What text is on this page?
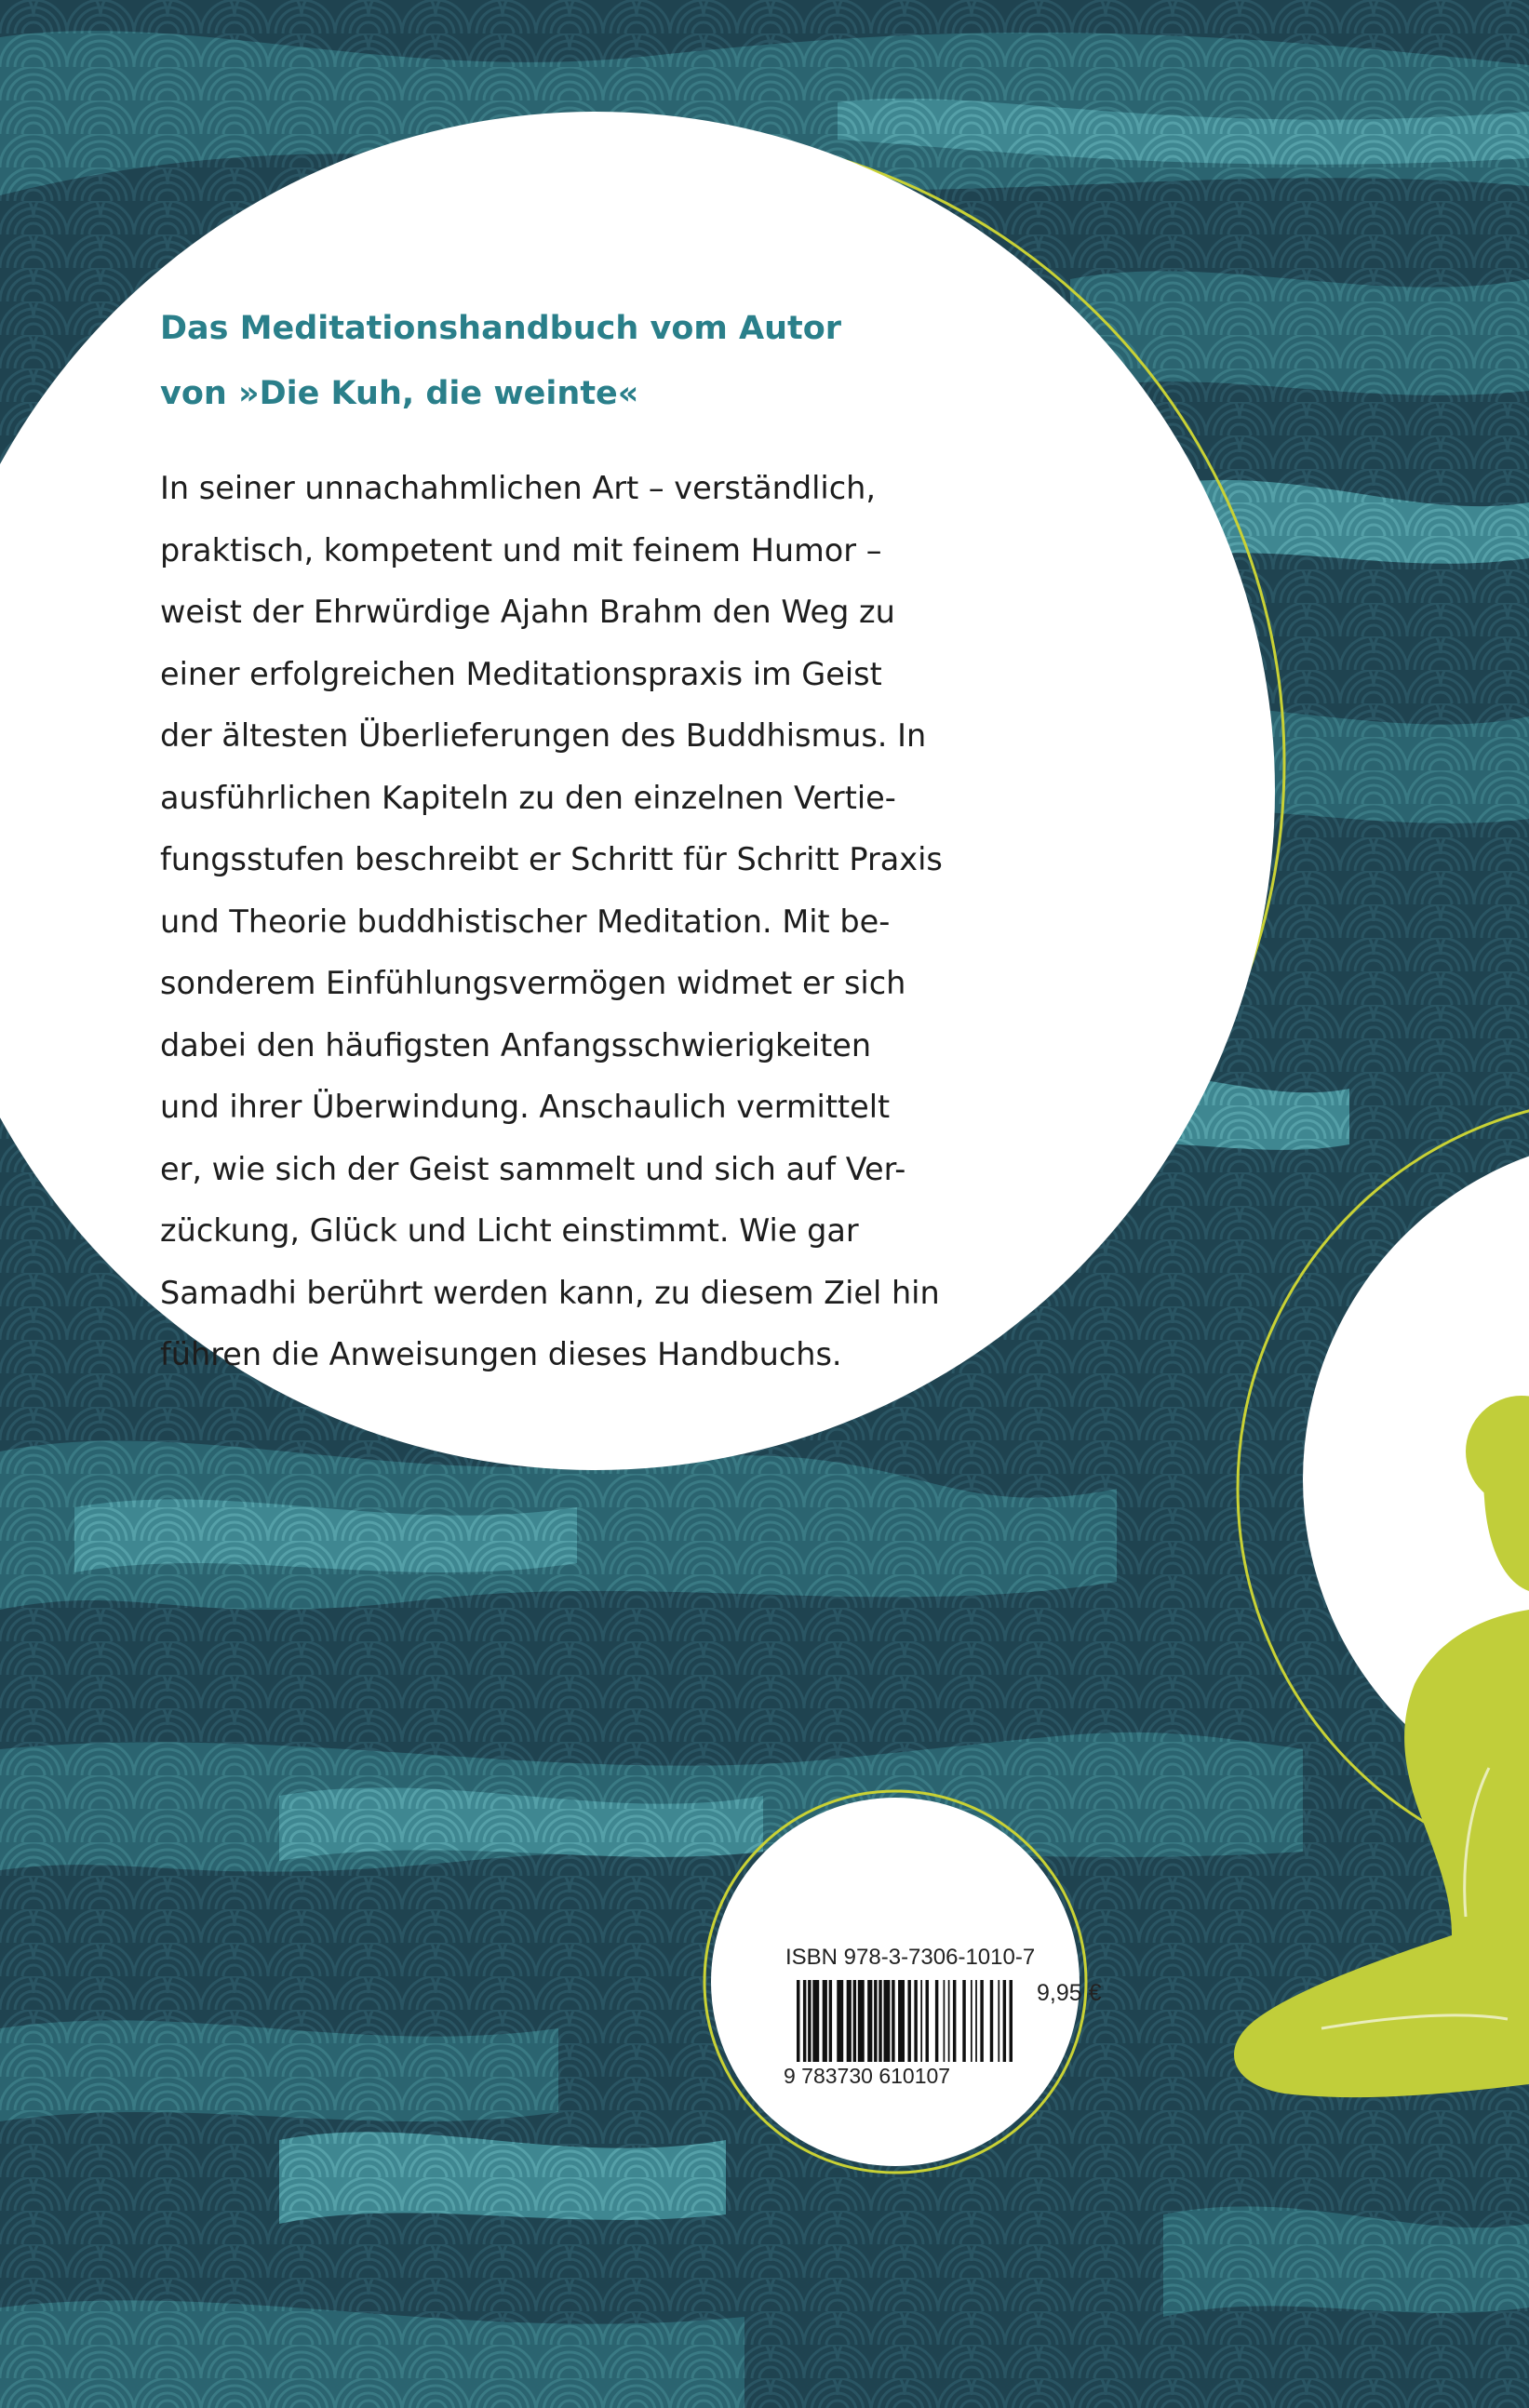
Das Meditationshandbuch vom Autor
von »Die Kuh, die weinte«

In seiner unnachahmlichen Art – verständlich,
praktisch, kompetent und mit feinem Humor –
weist der Ehrwürdige Ajahn Brahm den Weg zu
einer erfolgreichen Meditationspraxis im Geist
der ältesten Überlieferungen des Buddhismus. In
ausführlichen Kapiteln zu den einzelnen Vertie-
fungsstufen beschreibt er Schritt für Schritt Praxis
und Theorie buddhistischer Meditation. Mit be-
sonderem Einfühlungsvermögen widmet er sich
dabei den häufigsten Anfangsschwierigkeiten
und ihrer Überwindung. Anschaulich vermittelt
er, wie sich der Geist sammelt und sich auf Ver-
zückung, Glück und Licht einstimmt. Wie gar
Samadhi berührt werden kann, zu diesem Ziel hin
führen die Anweisungen dieses Handbuchs.

ISBN 978-3-7306-1010-7
9 783730 610107
9,95 €
